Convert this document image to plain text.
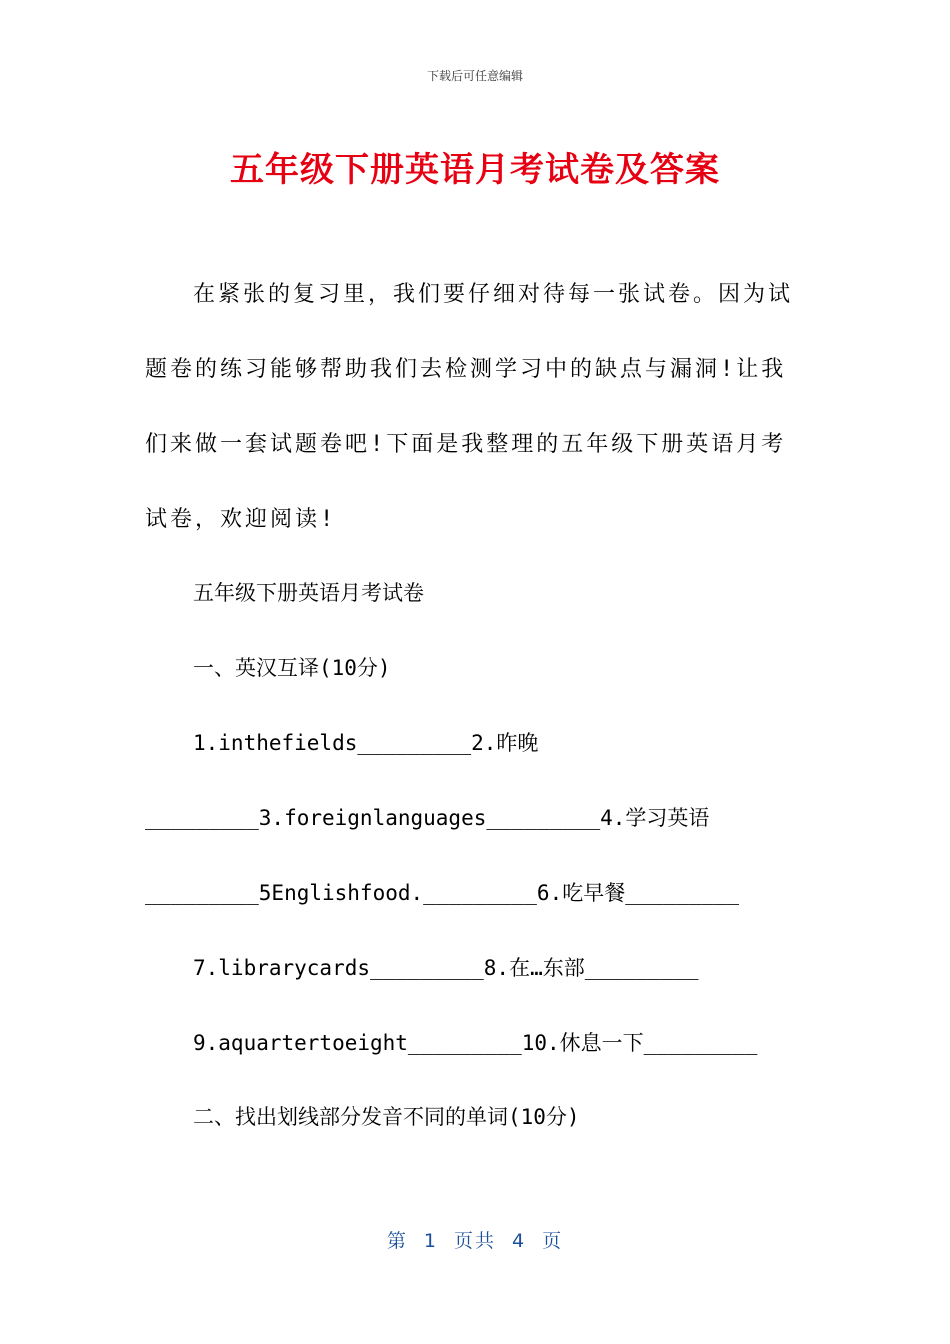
下载后可任意编辑
五年级下册英语月考试卷及答案
在紧张的复习里，我们要仔细对待每一张试卷。因为试题卷的练习能够帮助我们去检测学习中的缺点与漏洞!让我们来做一套试题卷吧!下面是我整理的五年级下册英语月考试卷，欢迎阅读!
五年级下册英语月考试卷
一、英汉互译(10分)
1.inthefields_________2.昨晚
_________3.foreignlanguages_________4.学习英语
_________5Englishfood._________6.吃早餐_________
7.librarycards_________8.在…东部_________
9.aquartertoeight_________10.休息一下_________
二、找出划线部分发音不同的单词(10分)
第 1 页共 4 页
